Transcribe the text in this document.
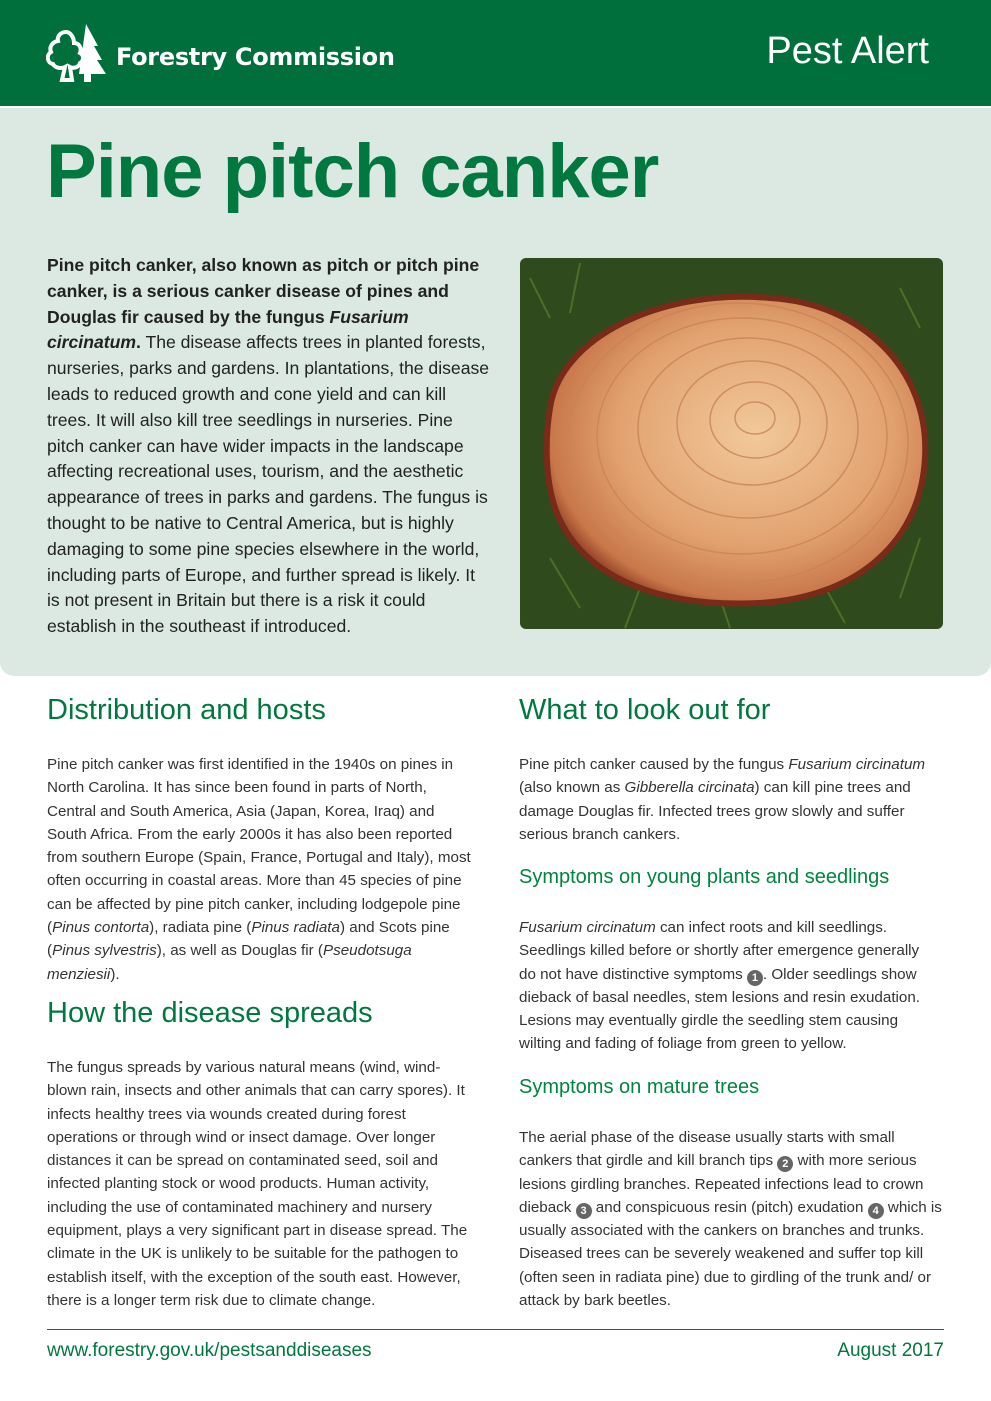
Forestry Commission	Pest Alert
Pine pitch canker
Pine pitch canker, also known as pitch or pitch pine canker, is a serious canker disease of pines and Douglas fir caused by the fungus Fusarium circinatum. The disease affects trees in planted forests, nurseries, parks and gardens. In plantations, the disease leads to reduced growth and cone yield and can kill trees. It will also kill tree seedlings in nurseries. Pine pitch canker can have wider impacts in the landscape affecting recreational uses, tourism, and the aesthetic appearance of trees in parks and gardens. The fungus is thought to be native to Central America, but is highly damaging to some pine species elsewhere in the world, including parts of Europe, and further spread is likely. It is not present in Britain but there is a risk it could establish in the southeast if introduced.
Distribution and hosts
Pine pitch canker was first identified in the 1940s on pines in North Carolina. It has since been found in parts of North, Central and South America, Asia (Japan, Korea, Iraq) and South Africa. From the early 2000s it has also been reported from southern Europe (Spain, France, Portugal and Italy), most often occurring in coastal areas. More than 45 species of pine can be affected by pine pitch canker, including lodgepole pine (Pinus contorta), radiata pine (Pinus radiata) and Scots pine (Pinus sylvestris), as well as Douglas fir (Pseudotsuga menziesii).
How the disease spreads
The fungus spreads by various natural means (wind, wind-blown rain, insects and other animals that can carry spores). It infects healthy trees via wounds created during forest operations or through wind or insect damage. Over longer distances it can be spread on contaminated seed, soil and infected planting stock or wood products. Human activity, including the use of contaminated machinery and nursery equipment, plays a very significant part in disease spread. The climate in the UK is unlikely to be suitable for the pathogen to establish itself, with the exception of the south east. However, there is a longer term risk due to climate change.
What to look out for
Pine pitch canker caused by the fungus Fusarium circinatum (also known as Gibberella circinata) can kill pine trees and damage Douglas fir. Infected trees grow slowly and suffer serious branch cankers.
Symptoms on young plants and seedlings
Fusarium circinatum can infect roots and kill seedlings. Seedlings killed before or shortly after emergence generally do not have distinctive symptoms 1 . Older seedlings show dieback of basal needles, stem lesions and resin exudation. Lesions may eventually girdle the seedling stem causing wilting and fading of foliage from green to yellow.
Symptoms on mature trees
The aerial phase of the disease usually starts with small cankers that girdle and kill branch tips 2 with more serious lesions girdling branches. Repeated infections lead to crown dieback 3 and conspicuous resin (pitch) exudation 4 which is usually associated with the cankers on branches and trunks. Diseased trees can be severely weakened and suffer top kill (often seen in radiata pine) due to girdling of the trunk and/ or attack by bark beetles.
www.forestry.gov.uk/pestsanddiseases	August 2017
